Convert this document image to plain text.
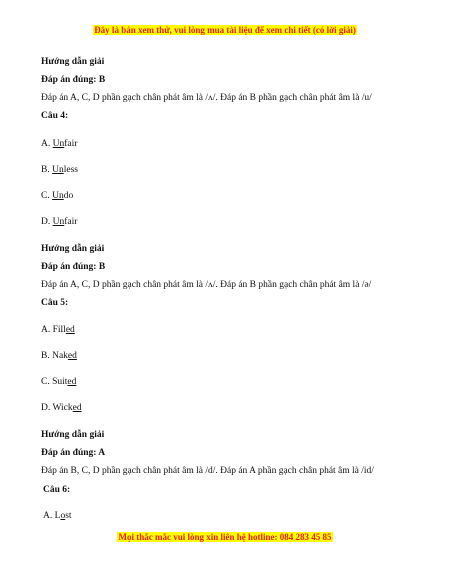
Đây là bản xem thử, vui lòng mua tài liệu để xem chi tiết (có lời giải)
Hướng dẫn giải
Đáp án đúng: B
Đáp án A, C, D phần gạch chân phát âm là /ʌ/. Đáp án B phần gạch chân phát âm là /u/
Câu 4:
A. Unfair
B. Unless
C. Undo
D. Unfair
Hướng dẫn giải
Đáp án đúng: B
Đáp án A, C, D phần gạch chân phát âm là /ʌ/. Đáp án B phần gạch chân phát âm là /ə/
Câu 5:
A. Filled
B. Naked
C. Suited
D. Wicked
Hướng dẫn giải
Đáp án đúng: A
Đáp án B, C, D phần gạch chân phát âm là /d/. Đáp án A phần gạch chân phát âm là /id/
Câu 6:
A. Lost
Mọi thắc mắc vui lòng xin liên hệ hotline: 084 283 45 85
